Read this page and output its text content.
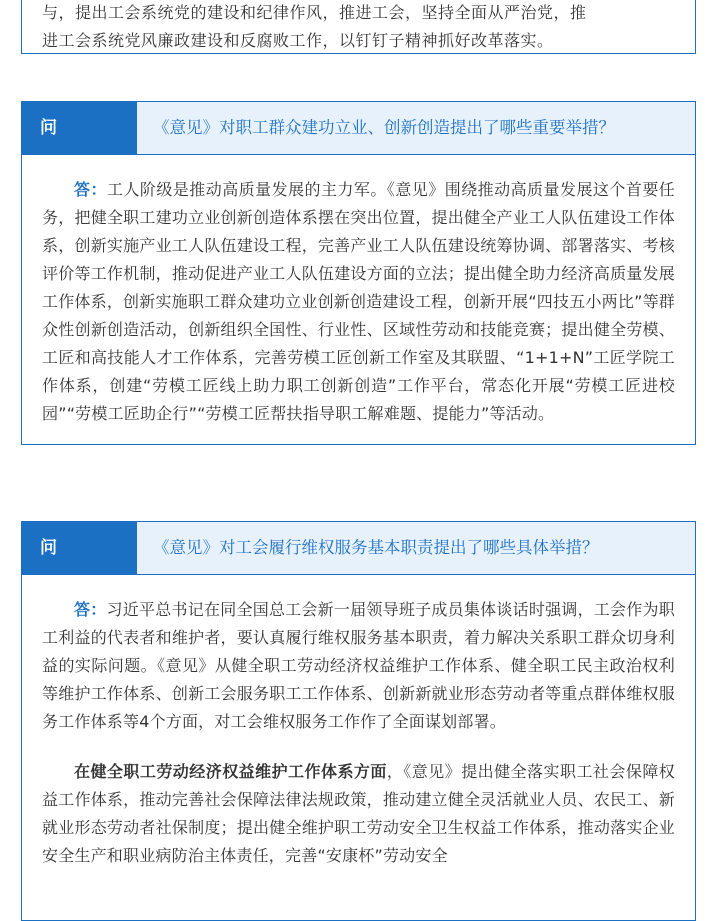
与，提出工会系统党的建设和纪律作风，推进工会，坚持全面从严治党，推
进工会系统党风廉政建设和反腐败工作，以钉钉子精神抓好改革落实。
问	《意见》对职工群众建功立业、创新创造提出了哪些重要举措？

答：工人阶级是推动高质量发展的主力军。《意见》围绕推动高质量发展这个首要任务，把健全职工建功立业创新创造体系摆在突出位置，提出健全产业工人队伍建设工作体系，创新实施产业工人队伍建设工程，完善产业工人队伍建设统筹协调、部署落实、考核评价等工作机制，推动促进产业工人队伍建设方面的立法；提出健全助力经济高质量发展工作体系，创新实施职工群众建功立业创新创造建设工程，创新开展“四技五小两比”等群众性创新创造活动，创新组织全国性、行业性、区域性劳动和技能竞赛；提出健全劳模、工匠和高技能人才工作体系，完善劳模工匠创新工作室及其联盟、“1+1+N”工匠学院工作体系，创建“劳模工匠线上助力职工创新创造”工作平台，常态化开展“劳模工匠进校园”“劳模工匠助企行”“劳模工匠帮扶指导职工解难题、提能力”等活动。

问	《意见》对工会履行维权服务基本职责提出了哪些具体举措？

答：习近平总书记在同全国总工会新一届领导班子成员集体谈话时强调，工会作为职工利益的代表者和维护者，要认真履行维权服务基本职责，着力解决关系职工群众切身利益的实际问题。《意见》从健全职工劳动经济权益维护工作体系、健全职工民主政治权利等维护工作体系、创新工会服务职工工作体系、创新新就业形态劳动者等重点群体维权服务工作体系等4个方面，对工会维权服务工作作了全面谋划部署。

在健全职工劳动经济权益维护工作体系方面，《意见》提出健全落实职工社会保障权益工作体系，推动完善社会保障法律法规政策，推动建立健全灵活就业人员、农民工、新就业形态劳动者社保制度；提出健全维护职工劳动安全卫生权益工作体系，推动落实企业安全生产和职业病防治主体责任，完善“安康杯”劳动安全
